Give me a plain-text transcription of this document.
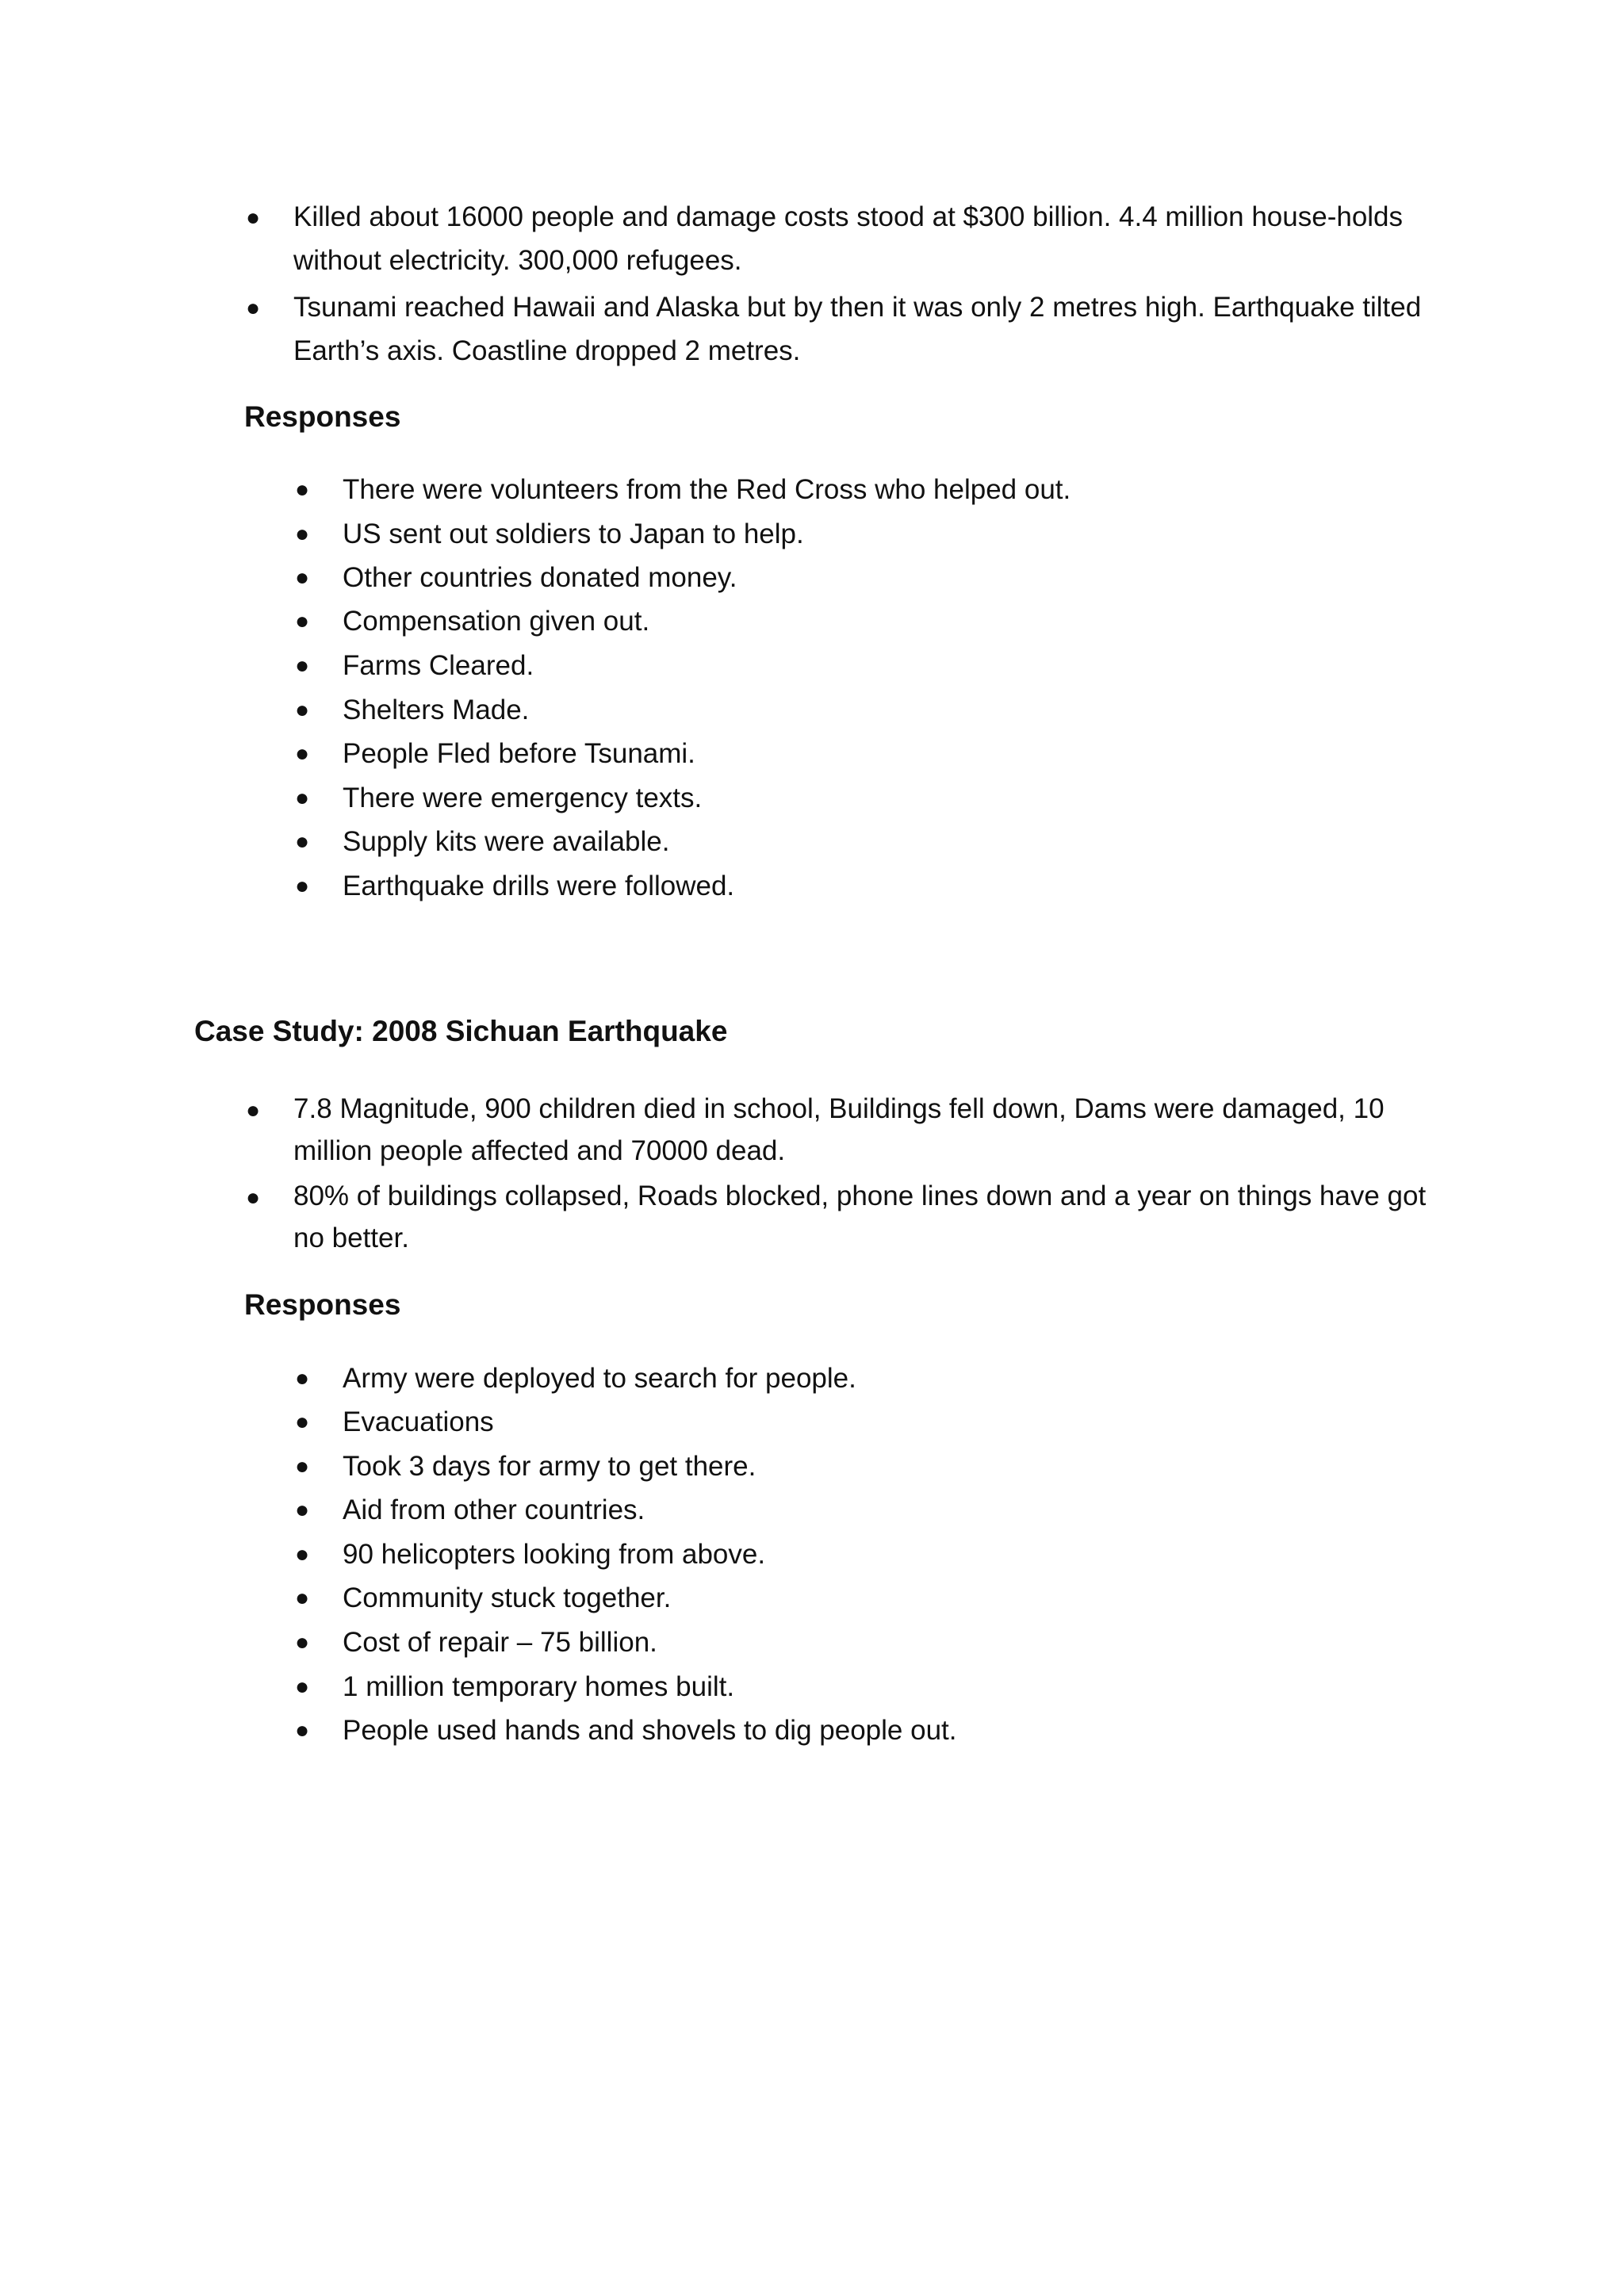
● Killed about 16000 people and damage costs stood at $300 billion. 4.4 million house-holds without electricity. 300,000 refugees.
● Tsunami reached Hawaii and Alaska but by then it was only 2 metres high. Earthquake tilted Earth’s axis. Coastline dropped 2 metres.
Responses
● There were volunteers from the Red Cross who helped out.
● US sent out soldiers to Japan to help.
● Other countries donated money.
● Compensation given out.
● Farms Cleared.
● Shelters Made.
● People Fled before Tsunami.
● There were emergency texts.
● Supply kits were available.
● Earthquake drills were followed.
Case Study: 2008 Sichuan Earthquake
● 7.8 Magnitude, 900 children died in school, Buildings fell down, Dams were damaged, 10 million people affected and 70000 dead.
● 80% of buildings collapsed, Roads blocked, phone lines down and a year on things have got no better.
Responses
● Army were deployed to search for people.
● Evacuations
● Took 3 days for army to get there.
● Aid from other countries.
● 90 helicopters looking from above.
● Community stuck together.
● Cost of repair – 75 billion.
● 1 million temporary homes built.
● People used hands and shovels to dig people out.
